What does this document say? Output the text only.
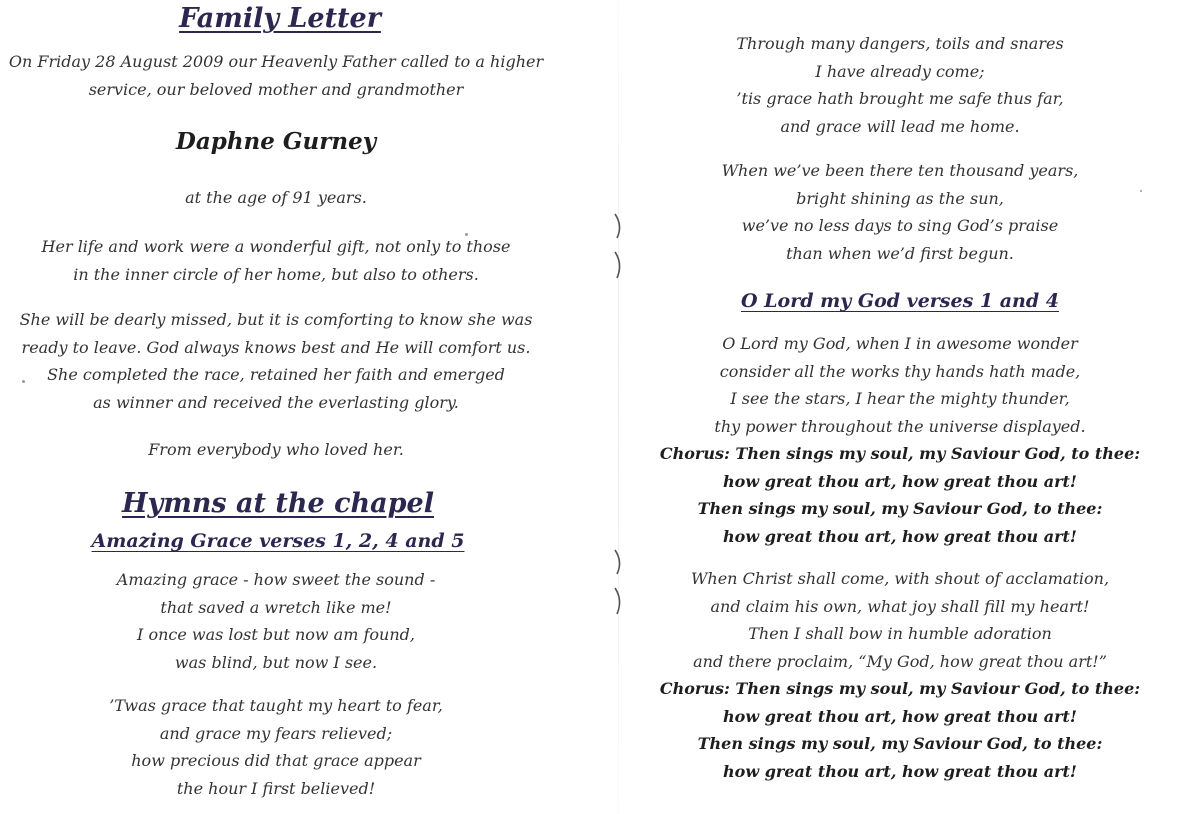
Family Letter
On Friday 28 August 2009 our Heavenly Father called to a higher
service, our beloved mother and grandmother
Daphne Gurney
at the age of 91 years.
Her life and work were a wonderful gift, not only to those
in the inner circle of her home, but also to others.
She will be dearly missed, but it is comforting to know she was
ready to leave. God always knows best and He will comfort us.
She completed the race, retained her faith and emerged
as winner and received the everlasting glory.
From everybody who loved her.
Hymns at the chapel
Amazing Grace verses 1, 2, 4 and 5
Amazing grace - how sweet the sound -
that saved a wretch like me!
I once was lost but now am found,
was blind, but now I see.
’Twas grace that taught my heart to fear,
and grace my fears relieved;
how precious did that grace appear
the hour I first believed!
Through many dangers, toils and snares
I have already come;
’tis grace hath brought me safe thus far,
and grace will lead me home.
When we’ve been there ten thousand years,
bright shining as the sun,
we’ve no less days to sing God’s praise
than when we’d first begun.
O Lord my God verses 1 and 4
O Lord my God, when I in awesome wonder
consider all the works thy hands hath made,
I see the stars, I hear the mighty thunder,
thy power throughout the universe displayed.
Chorus: Then sings my soul, my Saviour God, to thee:
how great thou art, how great thou art!
Then sings my soul, my Saviour God, to thee:
how great thou art, how great thou art!
When Christ shall come, with shout of acclamation,
and claim his own, what joy shall fill my heart!
Then I shall bow in humble adoration
and there proclaim, “My God, how great thou art!”
Chorus: Then sings my soul, my Saviour God, to thee:
how great thou art, how great thou art!
Then sings my soul, my Saviour God, to thee:
how great thou art, how great thou art!
